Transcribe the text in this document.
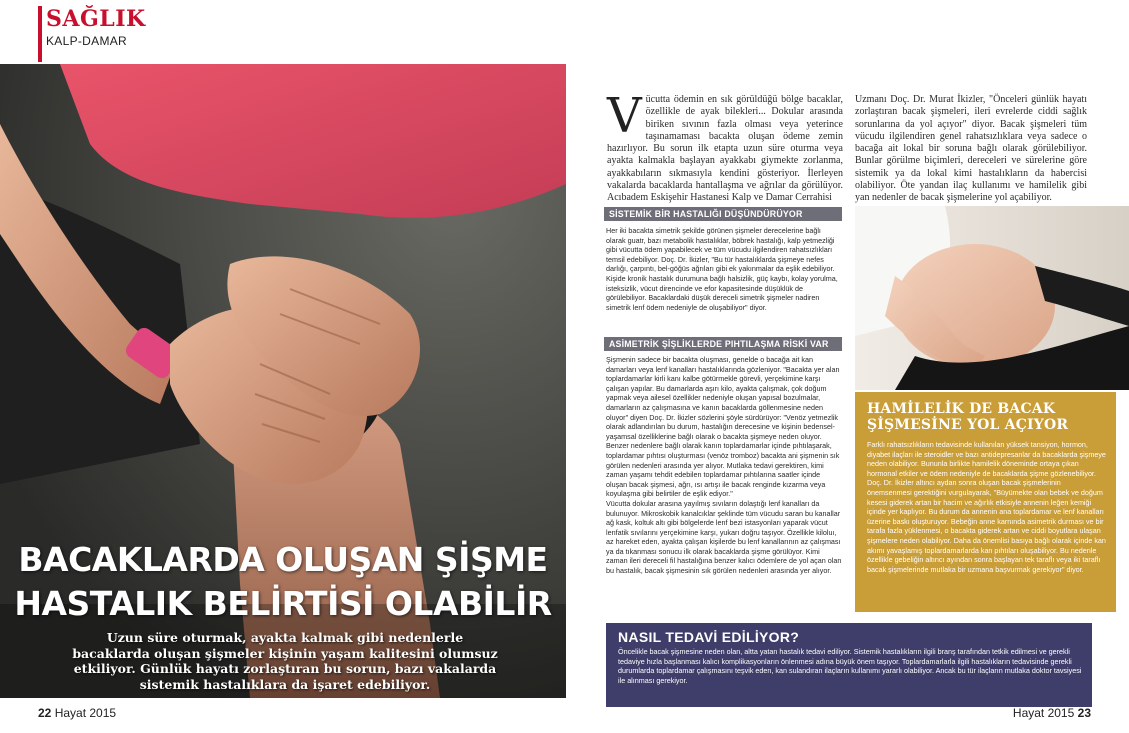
SAĞLIK
KALP-DAMAR
BACAKLARDA OLUŞAN ŞİŞME
HASTALIK BELİRTİSİ OLABİLİR
Uzun süre oturmak, ayakta kalmak gibi nedenlerle bacaklarda oluşan şişmeler kişinin yaşam kalitesini olumsuz etkiliyor. Günlük hayatı zorlaştıran bu sorun, bazı vakalarda sistemik hastalıklara da işaret edebiliyor.
V ücutta ödemin en sık görüldüğü bölge bacaklar, özellikle de ayak bilekleri... Dokular arasında biriken sıvının fazla olması veya yeterince taşınamaması bacakta oluşan ödeme zemin hazırlıyor. Bu sorun ilk etapta uzun süre oturma veya ayakta kalmakla başlayan ayakkabı giymekte zorlanma, ayakkabıların sıkmasıyla kendini gösteriyor. İlerleyen vakalarda bacaklarda hantallaşma ve ağrılar da görülüyor. Acıbadem Eskişehir Hastanesi Kalp ve Damar Cerrahisi
Uzmanı Doç. Dr. Murat İkizler, "Önceleri günlük hayatı zorlaştıran bacak şişmeleri, ileri evrelerde ciddi sağlık sorunlarına da yol açıyor" diyor. Bacak şişmeleri tüm vücudu ilgilendiren genel rahatsızlıklara veya sadece o bacağa ait lokal bir soruna bağlı olarak görülebiliyor. Bunlar görülme biçimleri, dereceleri ve sürelerine göre sistemik ya da lokal kimi hastalıkların da habercisi olabiliyor. Öte yandan ilaç kullanımı ve hamilelik gibi yan nedenler de bacak şişmelerine yol açabiliyor.
SİSTEMİK BİR HASTALIĞI DÜŞÜNDÜRÜYOR
Her iki bacakta simetrik şekilde görünen şişmeler derecelerine bağlı olarak guatr, bazı metabolik hastalıklar, böbrek hastalığı, kalp yetmezliği gibi vücutta ödem yapabilecek ve tüm vücudu ilgilendiren rahatsızlıkları temsil edebiliyor. Doç. Dr. İkizler, "Bu tür hastalıklarda şişmeye nefes darlığı, çarpıntı, bel-göğüs ağrıları gibi ek yakınmalar da eşlik edebiliyor. Kişide kronik hastalık durumuna bağlı halsizlik, güç kaybı, kolay yorulma, isteksizlik, vücut direncinde ve efor kapasitesinde düşüklük de görülebiliyor. Bacaklardaki düşük dereceli simetrik şişmeler nadiren simetrik lenf ödem nedeniyle de oluşabiliyor" diyor.
ASİMETRİK ŞİŞLİKLERDE PIHTILAŞMA RİSKİ VAR

Şişmenin sadece bir bacakta oluşması, genelde o bacağa ait kan damarları veya lenf kanalları hastalıklarında gözleniyor. "Bacakta yer alan toplardamarlar kirli kanı kalbe götürmekle görevli, yerçekimine karşı çalışan yapılar. Bu damarlarda aşırı kilo, ayakta çalışmak, çok doğum yapmak veya ailesel özellikler nedeniyle oluşan yapısal bozulmalar, damarların az çalışmasına ve kanın bacaklarda göllenmesine neden oluyor" diyen Doç. Dr. İkizler sözlerini şöyle sürdürüyor: "Venöz yetmezlik olarak adlandırılan bu durum, hastalığın derecesine ve kişinin bedensel-yaşamsal özelliklerine bağlı olarak o bacakta şişmeye neden oluyor. Benzer nedenlere bağlı olarak kanın toplardamarlar içinde pıhtılaşarak, toplardamar pıhtısı oluşturması (venöz tromboz) bacakta ani şişmenin sık görülen nedenleri arasında yer alıyor. Mutlaka tedavi gerektiren, kimi zaman yaşamı tehdit edebilen toplardamar pıhtılarına saatler içinde oluşan bacak şişmesi, ağrı, ısı artışı ile bacak renginde kızarma veya koyulaşma gibi belirtiler de eşlik ediyor."

Vücutta dokular arasına yayılmış sıvıların dolaştığı lenf kanalları da bulunuyor. Mikroskobik kanalcıklar şeklinde tüm vücudu saran bu kanallar ağ kask, koltuk altı gibi bölgelerde lenf bezi istasyonları yaparak vücut lenfatik sıvılarını yerçekimine karşı, yukarı doğru taşıyor. Özellikle kiloluı, az hareket eden, ayakta çalışan kişilerde bu lenf kanallarının az çalışması ya da tıkanması sonucu ilk olarak bacaklarda şişme görülüyor. Kimi zaman ileri dereceli fil hastalığına benzer kalıcı ödemlere de yol açan olan bu hastalık, bacak şişmesinin sık görülen nedenleri arasında yer alıyor.

HAMİLELİK DE BACAK
ŞİŞMESİNE YOL AÇIYOR
Farklı rahatsızlıkların tedavisinde kullanılan yüksek tansiyon, hormon, diyabet ilaçları ile steroidler ve bazı antidepresanlar da bacaklarda şişmeye neden olabiliyor. Bununla birlikte hamilelik döneminde ortaya çıkan hormonal etkiler ve ödem nedeniyle de bacaklarda şişme gözlenebiliyor. Doç. Dr. İkizler altıncı aydan sonra oluşan bacak şişmelerinin önemsenmesi gerektiğini vurgulayarak, "Büyümekte olan bebek ve doğum kesesi giderek artan bir hacim ve ağırlık etkisiyle annenin leğen kemiği içinde yer kaplıyor. Bu durum da annenin ana toplardamar ve lenf kanalları üzerine baskı oluşturuyor. Bebeğin anne karnında asimetrik durması ve bir tarafa fazla yüklenmesi, o bacakta giderek artan ve ciddi boyutlara ulaşan şişmelere neden olabiliyor. Daha da önemlisi basıya bağlı olarak içinde kan akımı yavaşlamış toplardamarlarda kan pıhtıları oluşabiliyor. Bu nedenle özellikle gebeliğin altıncı ayından sonra başlayan tek taraflı veya iki taraflı bacak şişmelerinde mutlaka bir uzmana başvurmak gerekiyor" diyor.
NASIL TEDAVİ EDİLİYOR?
Öncelikle bacak şişmesine neden olan, altta yatan hastalık tedavi ediliyor. Sistemik hastalıkların ilgili branş tarafından tetkik edilmesi ve gerekli tedaviye hızla başlanması kalıcı komplikasyonların önlenmesi adına büyük önem taşıyor. Toplardamarlarla ilgili hastalıkların tedavisinde gerekli durumlarda toplardamar çalışmasını teşvik eden, kan sulandıran ilaçların kullanımı yararlı olabiliyor. Ancak bu tür ilaçların mutlaka doktor tavsiyesi ile alınması gerekiyor.
22 Hayat 2015	Hayat 2015 23
